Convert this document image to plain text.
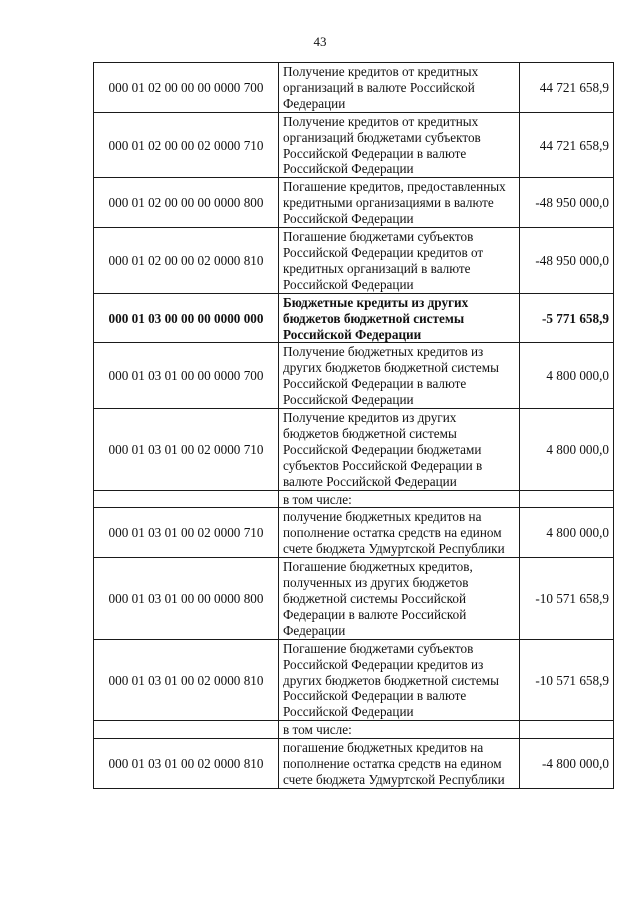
43
000 01 02 00 00 00 0000 700	Получение кредитов от кредитных организаций в валюте Российской Федерации	44 721 658,9
000 01 02 00 00 02 0000 710	Получение кредитов от кредитных организаций бюджетами субъектов Российской Федерации в валюте Российской Федерации	44 721 658,9
000 01 02 00 00 00 0000 800	Погашение кредитов, предоставленных кредитными организациями в валюте Российской Федерации	-48 950 000,0
000 01 02 00 00 02 0000 810	Погашение бюджетами субъектов Российской Федерации кредитов от кредитных организаций в валюте Российской Федерации	-48 950 000,0
000 01 03 00 00 00 0000 000	Бюджетные кредиты из других бюджетов бюджетной системы Российской Федерации	-5 771 658,9
000 01 03 01 00 00 0000 700	Получение бюджетных кредитов из других бюджетов бюджетной системы Российской Федерации в валюте Российской Федерации	4 800 000,0
000 01 03 01 00 02 0000 710	Получение кредитов из других бюджетов бюджетной системы Российской Федерации бюджетами субъектов Российской Федерации в валюте Российской Федерации	4 800 000,0
	в том числе:	
000 01 03 01 00 02 0000 710	получение бюджетных кредитов на пополнение остатка средств на едином счете бюджета Удмуртской Республики	4 800 000,0
000 01 03 01 00 00 0000 800	Погашение бюджетных кредитов, полученных из других бюджетов бюджетной системы Российской Федерации в валюте Российской Федерации	-10 571 658,9
000 01 03 01 00 02 0000 810	Погашение бюджетами субъектов Российской Федерации кредитов из других бюджетов бюджетной системы Российской Федерации в валюте Российской Федерации	-10 571 658,9
	в том числе:	
000 01 03 01 00 02 0000 810	погашение бюджетных кредитов на пополнение остатка средств на едином счете бюджета Удмуртской Республики	-4 800 000,0
